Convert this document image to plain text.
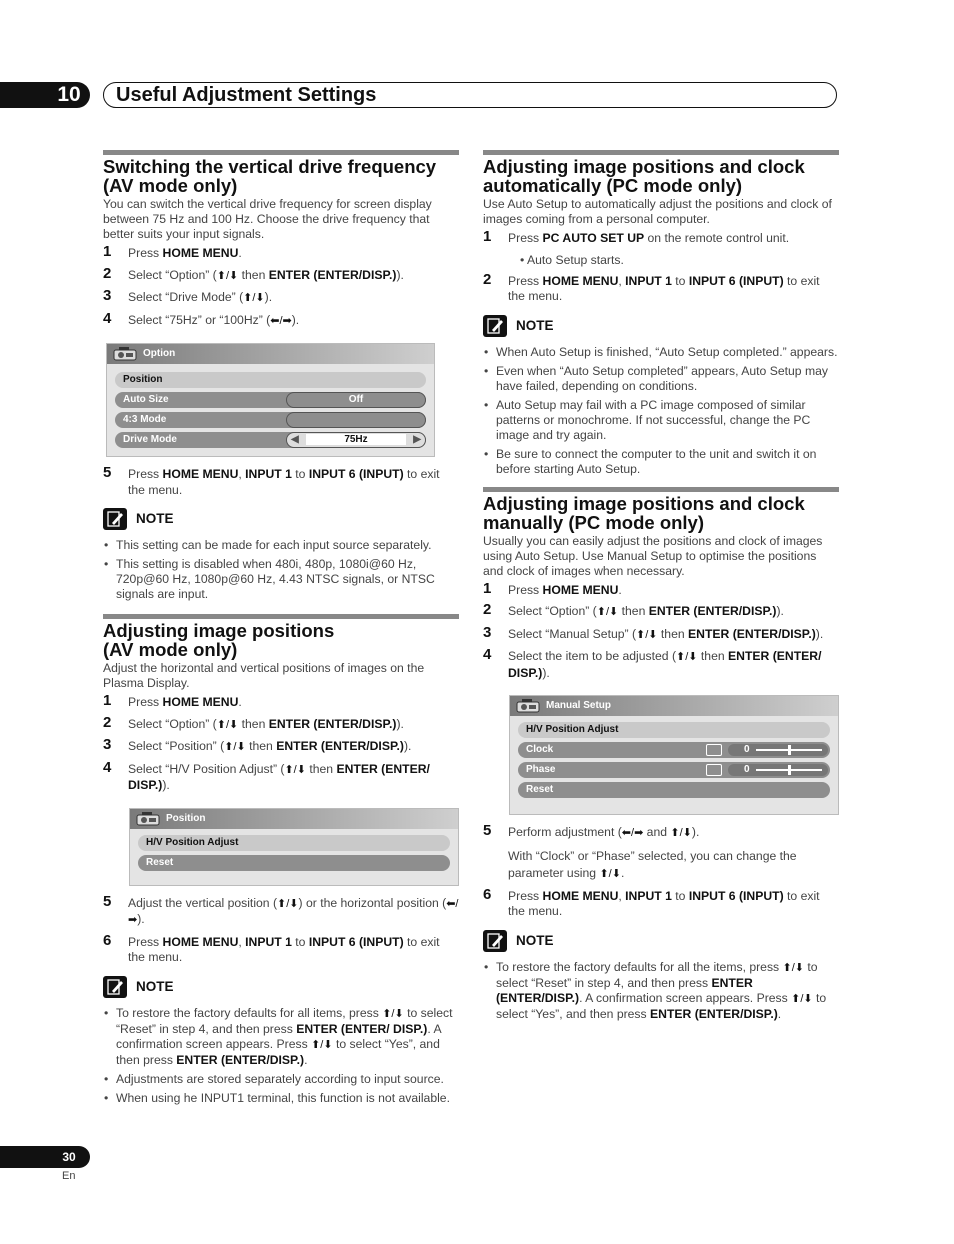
10	Useful Adjustment Settings
Switching the vertical drive frequency
(AV mode only)
You can switch the vertical drive frequency for screen display between 75 Hz and 100 Hz. Choose the drive frequency that better suits your input signals.
1 Press HOME MENU.
2 Select “Option” (⬆/⬇ then ENTER (ENTER/DISP.)).
3 Select “Drive Mode” (⬆/⬇).
4 Select “75Hz” or “100Hz” (⬅/➡).
Option
Position
Auto Size	Off
4:3 Mode
Drive Mode	◀	75Hz	▶
5 Press HOME MENU, INPUT 1 to INPUT 6 (INPUT) to exit the menu.
NOTE
• This setting can be made for each input source separately.
• This setting is disabled when 480i, 480p, 1080i@60 Hz, 720p@60 Hz, 1080p@60 Hz, 4.43 NTSC signals, or NTSC signals are input.
Adjusting image positions
(AV mode only)
Adjust the horizontal and vertical positions of images on the Plasma Display.
1 Press HOME MENU.
2 Select “Option” (⬆/⬇ then ENTER (ENTER/DISP.)).
3 Select “Position” (⬆/⬇ then ENTER (ENTER/DISP.)).
4 Select “H/V Position Adjust” (⬆/⬇ then ENTER (ENTER/ DISP.)).
Position
H/V Position Adjust
Reset
5 Adjust the vertical position (⬆/⬇) or the horizontal position (⬅/➡).
6 Press HOME MENU, INPUT 1 to INPUT 6 (INPUT) to exit the menu.
NOTE
• To restore the factory defaults for all items, press ⬆/⬇ to select “Reset” in step 4, and then press ENTER (ENTER/ DISP.). A confirmation screen appears. Press ⬆/⬇ to select “Yes”, and then press ENTER (ENTER/DISP.).
• Adjustments are stored separately according to input source.
• When using he INPUT1 terminal, this function is not available.
Adjusting image positions and clock
automatically (PC mode only)
Use Auto Setup to automatically adjust the positions and clock of images coming from a personal computer.
1 Press PC AUTO SET UP on the remote control unit.
• Auto Setup starts.
2 Press HOME MENU, INPUT 1 to INPUT 6 (INPUT) to exit the menu.
NOTE
• When Auto Setup is finished, “Auto Setup completed.” appears.
• Even when “Auto Setup completed” appears, Auto Setup may have failed, depending on conditions.
• Auto Setup may fail with a PC image composed of similar patterns or monochrome. If not successful, change the PC image and try again.
• Be sure to connect the computer to the unit and switch it on before starting Auto Setup.
Adjusting image positions and clock
manually (PC mode only)
Usually you can easily adjust the positions and clock of images using Auto Setup. Use Manual Setup to optimise the positions and clock of images when necessary.
1 Press HOME MENU.
2 Select “Option” (⬆/⬇ then ENTER (ENTER/DISP.)).
3 Select “Manual Setup” (⬆/⬇ then ENTER (ENTER/DISP.)).
4 Select the item to be adjusted (⬆/⬇ then ENTER (ENTER/ DISP.)).
Manual Setup
H/V Position Adjust
Clock	0
Phase	0
Reset
5 Perform adjustment (⬅/➡ and ⬆/⬇).
With “Clock” or “Phase” selected, you can change the parameter using ⬆/⬇.
6 Press HOME MENU, INPUT 1 to INPUT 6 (INPUT) to exit the menu.
NOTE
• To restore the factory defaults for all the items, press ⬆/⬇ to select “Reset” in step 4, and then press ENTER (ENTER/DISP.). A confirmation screen appears. Press ⬆/⬇ to select “Yes”, and then press ENTER (ENTER/DISP.).
30
En
